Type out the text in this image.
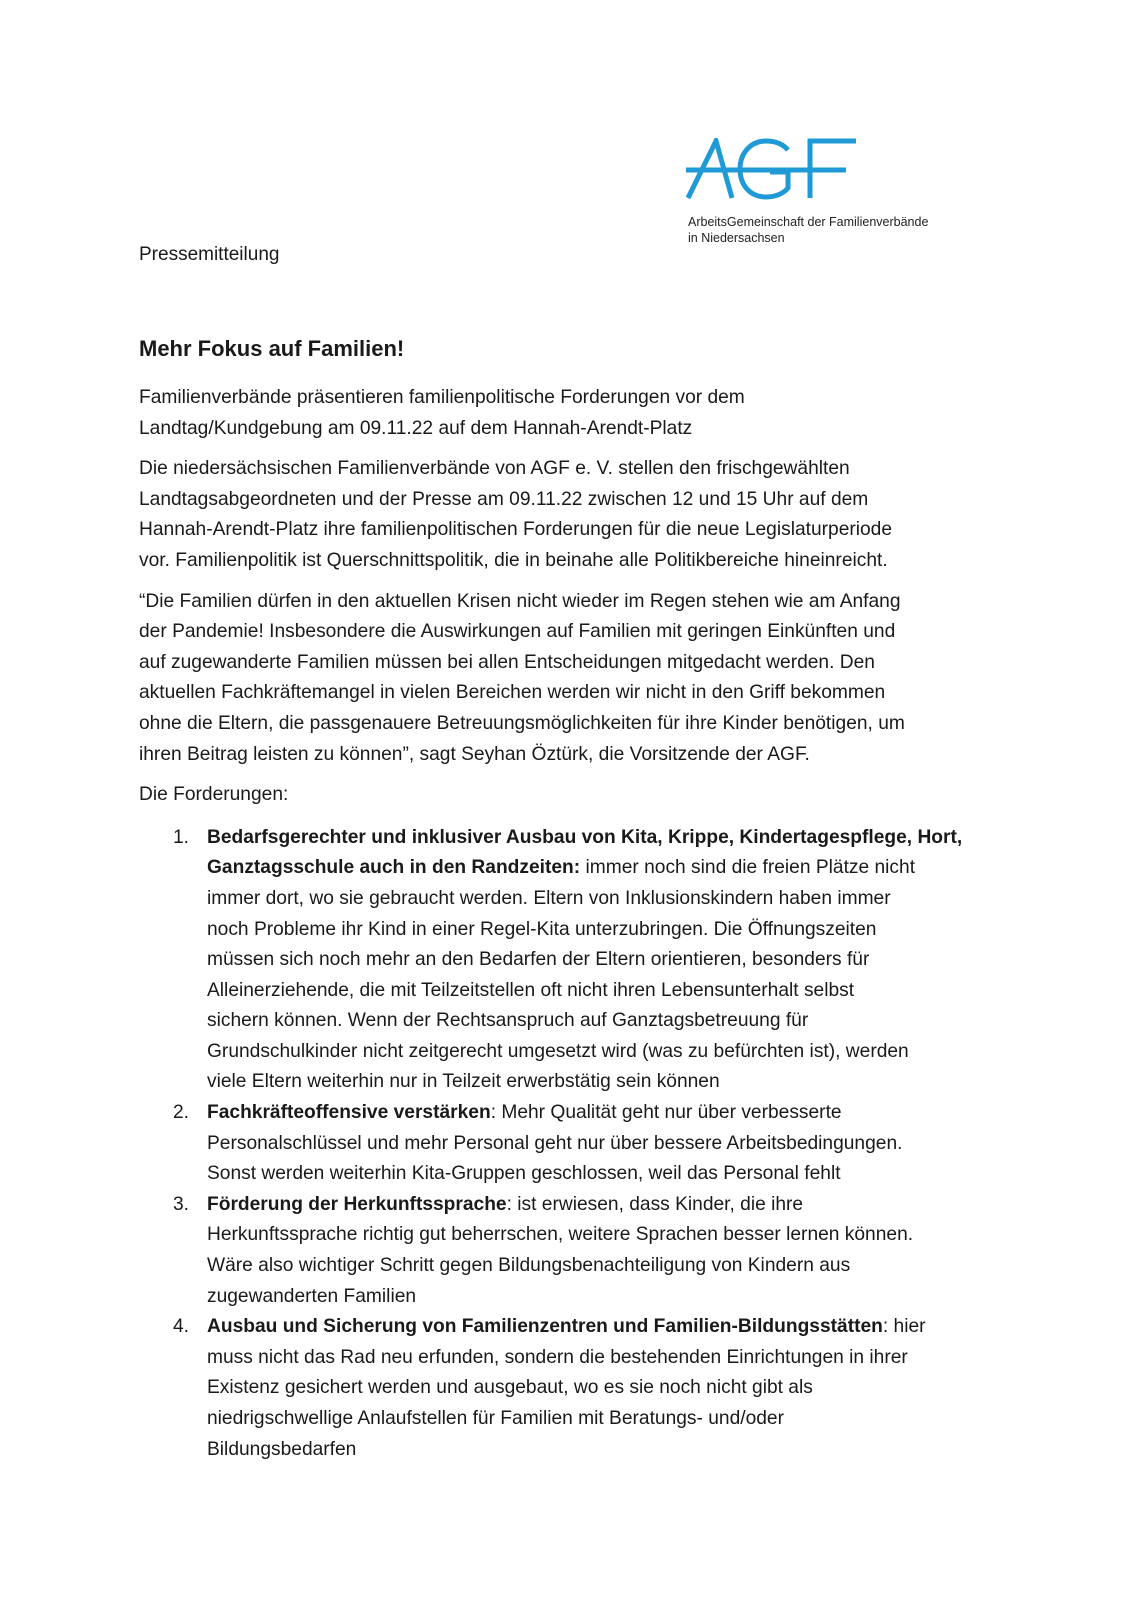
ArbeitsGemeinschaft der Familienverbände
in Niedersachsen
Pressemitteilung
Mehr Fokus auf Familien!

Familienverbände präsentieren familienpolitische Forderungen vor dem
Landtag/Kundgebung am 09.11.22 auf dem Hannah-Arendt-Platz

Die niedersächsischen Familienverbände von AGF e. V. stellen den frischgewählten
Landtagsabgeordneten und der Presse am 09.11.22 zwischen 12 und 15 Uhr auf dem
Hannah-Arendt-Platz ihre familienpolitischen Forderungen für die neue Legislaturperiode
vor. Familienpolitik ist Querschnittspolitik, die in beinahe alle Politikbereiche hineinreicht.

“Die Familien dürfen in den aktuellen Krisen nicht wieder im Regen stehen wie am Anfang
der Pandemie! Insbesondere die Auswirkungen auf Familien mit geringen Einkünften und
auf zugewanderte Familien müssen bei allen Entscheidungen mitgedacht werden. Den
aktuellen Fachkräftemangel in vielen Bereichen werden wir nicht in den Griff bekommen
ohne die Eltern, die passgenauere Betreuungsmöglichkeiten für ihre Kinder benötigen, um
ihren Beitrag leisten zu können”, sagt Seyhan Öztürk, die Vorsitzende der AGF.

Die Forderungen:

1. Bedarfsgerechter und inklusiver Ausbau von Kita, Krippe, Kindertagespflege, Hort,
Ganztagsschule auch in den Randzeiten: immer noch sind die freien Plätze nicht
immer dort, wo sie gebraucht werden. Eltern von Inklusionskindern haben immer
noch Probleme ihr Kind in einer Regel-Kita unterzubringen. Die Öffnungszeiten
müssen sich noch mehr an den Bedarfen der Eltern orientieren, besonders für
Alleinerziehende, die mit Teilzeitstellen oft nicht ihren Lebensunterhalt selbst
sichern können. Wenn der Rechtsanspruch auf Ganztagsbetreuung für
Grundschulkinder nicht zeitgerecht umgesetzt wird (was zu befürchten ist), werden
viele Eltern weiterhin nur in Teilzeit erwerbstätig sein können
2. Fachkräfteoffensive verstärken: Mehr Qualität geht nur über verbesserte
Personalschlüssel und mehr Personal geht nur über bessere Arbeitsbedingungen.
Sonst werden weiterhin Kita-Gruppen geschlossen, weil das Personal fehlt
3. Förderung der Herkunftssprache: ist erwiesen, dass Kinder, die ihre
Herkunftssprache richtig gut beherrschen, weitere Sprachen besser lernen können.
Wäre also wichtiger Schritt gegen Bildungsbenachteiligung von Kindern aus
zugewanderten Familien
4. Ausbau und Sicherung von Familienzentren und Familien-Bildungsstätten: hier
muss nicht das Rad neu erfunden, sondern die bestehenden Einrichtungen in ihrer
Existenz gesichert werden und ausgebaut, wo es sie noch nicht gibt als
niedrigschwellige Anlaufstellen für Familien mit Beratungs- und/oder
Bildungsbedarfen
